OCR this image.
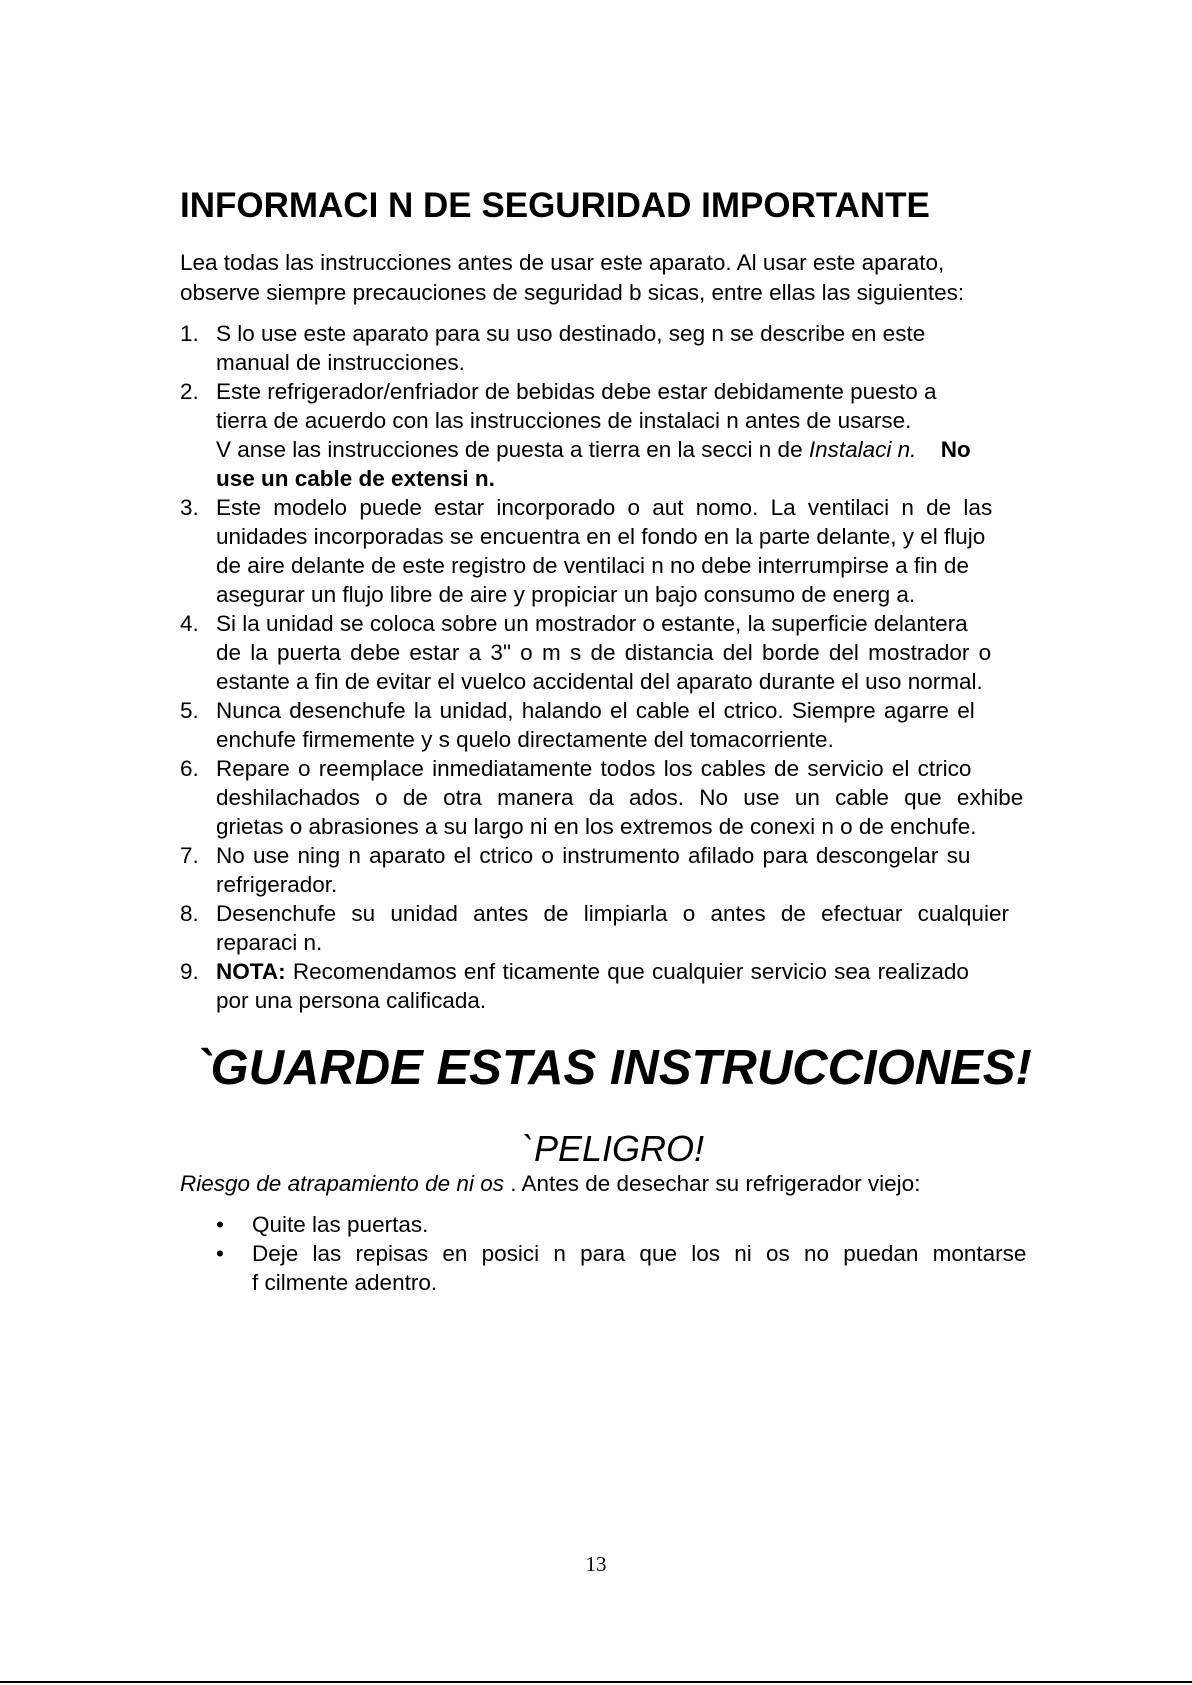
INFORMACI N DE SEGURIDAD IMPORTANTE

Lea todas las instrucciones antes de usar este aparato. Al usar este aparato,
observe siempre precauciones de seguridad b sicas, entre ellas las siguientes:

1. S lo use este aparato para su uso destinado, seg n se describe en este
manual de instrucciones.
2. Este refrigerador/enfriador de bebidas debe estar debidamente puesto a
tierra de acuerdo con las instrucciones de instalaci n antes de usarse.
V anse las instrucciones de puesta a tierra en la secci n de Instalaci n. No
use un cable de extensi n.
3. Este modelo puede estar incorporado o aut nomo. La ventilaci n de las
unidades incorporadas se encuentra en el fondo en la parte delante, y el flujo
de aire delante de este registro de ventilaci n no debe interrumpirse a fin de
asegurar un flujo libre de aire y propiciar un bajo consumo de energ a.
4. Si la unidad se coloca sobre un mostrador o estante, la superficie delantera
de la puerta debe estar a 3" o m s de distancia del borde del mostrador o
estante a fin de evitar el vuelco accidental del aparato durante el uso normal.
5. Nunca desenchufe la unidad, halando el cable el ctrico. Siempre agarre el
enchufe firmemente y s quelo directamente del tomacorriente.
6. Repare o reemplace inmediatamente todos los cables de servicio el ctrico
deshilachados o de otra manera da ados. No use un cable que exhibe
grietas o abrasiones a su largo ni en los extremos de conexi n o de enchufe.
7. No use ning n aparato el ctrico o instrumento afilado para descongelar su
refrigerador.
8. Desenchufe su unidad antes de limpiarla o antes de efectuar cualquier
reparaci n.
9. NOTA: Recomendamos enf ticamente que cualquier servicio sea realizado
por una persona calificada.
`GUARDE ESTAS INSTRUCCIONES!
`PELIGRO!

Riesgo de atrapamiento de ni os . Antes de desechar su refrigerador viejo:

• Quite las puertas.
• Deje las repisas en posici n para que los ni os no puedan montarse
f cilmente adentro.
13
